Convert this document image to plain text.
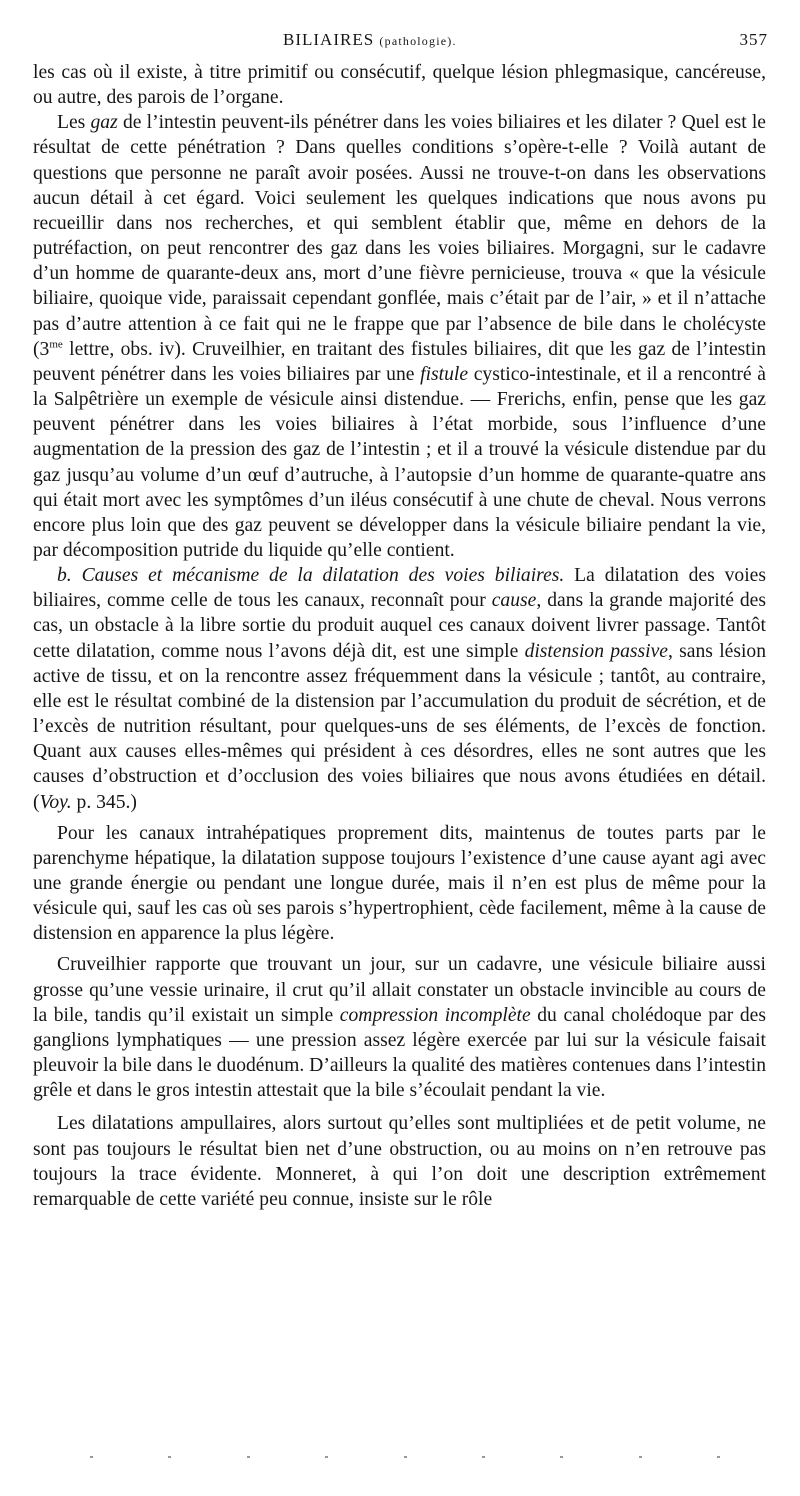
BILIAIRES (pathologie).	357

les cas où il existe, à titre primitif ou consécutif, quelque lésion phlegmasique, cancéreuse, ou autre, des parois de l’organe.

Les gaz de l’intestin peuvent-ils pénétrer dans les voies biliaires et les dilater ? Quel est le résultat de cette pénétration ? Dans quelles conditions s’opère-t-elle ? Voilà autant de questions que personne ne paraît avoir posées. Aussi ne trouve-t-on dans les observations aucun détail à cet égard. Voici seulement les quelques indications que nous avons pu recueillir dans nos recherches, et qui semblent établir que, même en dehors de la putréfaction, on peut rencontrer des gaz dans les voies biliaires. Morgagni, sur le cadavre d’un homme de quarante-deux ans, mort d’une fièvre pernicieuse, trouva « que la vésicule biliaire, quoique vide, paraissait cependant gonflée, mais c’était par de l’air, » et il n’attache pas d’autre attention à ce fait qui ne le frappe que par l’absence de bile dans le cholécyste ($3^{me}$ lettre, obs. iv). Cruveilhier, en traitant des fistules biliaires, dit que les gaz de l’intestin peuvent pénétrer dans les voies biliaires par une fistule cystico-intestinale, et il a rencontré à la Salpêtrière un exemple de vésicule ainsi distendue. — Frerichs, enfin, pense que les gaz peuvent pénétrer dans les voies biliaires à l’état morbide, sous l’influence d’une augmentation de la pression des gaz de l’intestin ; et il a trouvé la vésicule distendue par du gaz jusqu’au volume d’un œuf d’autruche, à l’autopsie d’un homme de quarante-quatre ans qui était mort avec les symptômes d’un iléus consécutif à une chute de cheval. Nous verrons encore plus loin que des gaz peuvent se développer dans la vésicule biliaire pendant la vie, par décomposition putride du liquide qu’elle contient.

b. Causes et mécanisme de la dilatation des voies biliaires. La dilatation des voies biliaires, comme celle de tous les canaux, reconnaît pour cause, dans la grande majorité des cas, un obstacle à la libre sortie du produit auquel ces canaux doivent livrer passage. Tantôt cette dilatation, comme nous l’avons déjà dit, est une simple distension passive, sans lésion active de tissu, et on la rencontre assez fréquemment dans la vésicule ; tantôt, au contraire, elle est le résultat combiné de la distension par l’accumulation du produit de sécrétion, et de l’excès de nutrition résultant, pour quelques-uns de ses éléments, de l’excès de fonction. Quant aux causes elles-mêmes qui président à ces désordres, elles ne sont autres que les causes d’obstruction et d’occlusion des voies biliaires que nous avons étudiées en détail. (Voy. p. 345.)

Pour les canaux intrahépatiques proprement dits, maintenus de toutes parts par le parenchyme hépatique, la dilatation suppose toujours l’existence d’une cause ayant agi avec une grande énergie ou pendant une longue durée, mais il n’en est plus de même pour la vésicule qui, sauf les cas où ses parois s’hypertrophient, cède facilement, même à la cause de distension en apparence la plus légère.

Cruveilhier rapporte que trouvant un jour, sur un cadavre, une vésicule biliaire aussi grosse qu’une vessie urinaire, il crut qu’il allait constater un obstacle invincible au cours de la bile, tandis qu’il existait un simple compression incomplète du canal cholédoque par des ganglions lymphatiques — une pression assez légère exercée par lui sur la vésicule faisait pleuvoir la bile dans le duodénum. D’ailleurs la qualité des matières contenues dans l’intestin grêle et dans le gros intestin attestait que la bile s’écoulait pendant la vie.

Les dilatations ampullaires, alors surtout qu’elles sont multipliées et de petit volume, ne sont pas toujours le résultat bien net d’une obstruction, ou au moins on n’en retrouve pas toujours la trace évidente. Monneret, à qui l’on doit une description extrêmement remarquable de cette variété peu connue, insiste sur le rôle
